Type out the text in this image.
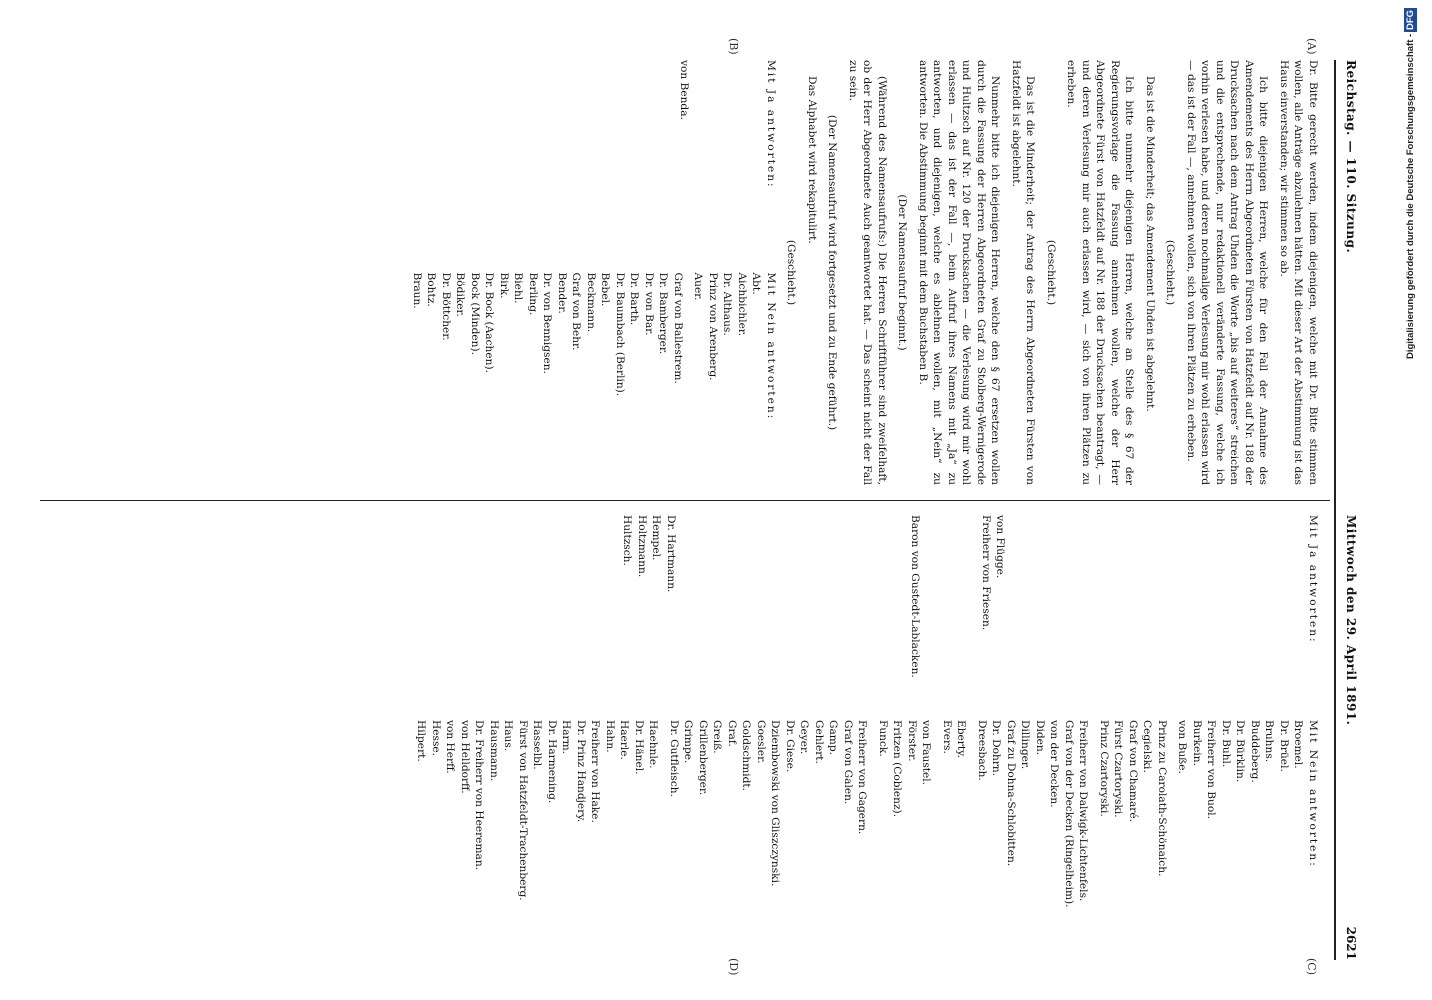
Reichstag. — 110. Sitzung.
Mittwoch den 29. April 1891.
2621
(A)
(B)
(C)
(D)

Dr. Bitte gerecht werden, indem diejenigen, welche mit Dr. Bitte stimmen wollen, alle Anträge abzulehnen hätten. Mit dieser Art der Abstimmung ist das Haus einverstanden; wir stimmen so ab.

Ich bitte diejenigen Herren, welche für den Fall der Annahme des Amendements des Herrn Abgeordneten Fürsten von Hatzfeldt auf Nr. 188 der Drucksachen nach dem Antrag Uhden die Worte „bis auf weiteres“ streichen und die entsprechende, nur redaktionell veränderte Fassung, welche ich vorhin verlesen habe, und deren nochmalige Verlesung mir wohl erlassen wird — das ist der Fall —, annehmen wollen, sich von ihren Plätzen zu erheben.

(Geschieht.)

Das ist die Minderheit; das Amendement Uhden ist abgelehnt.

Ich bitte nunmehr diejenigen Herren, welche an Stelle des § 67 der Regierungsvorlage die Fassung annehmen wollen, welche der Herr Abgeordnete Fürst von Hatzfeldt auf Nr. 188 der Drucksachen beantragt, — und deren Verlesung mir auch erlassen wird, — sich von ihren Plätzen zu erheben.

(Geschieht.)

Das ist die Minderheit; der Antrag des Herrn Abgeordneten Fürsten von Hatzfeldt ist abgelehnt.

Nunmehr bitte ich diejenigen Herren, welche den § 67 ersetzen wollen durch die Fassung der Herren Abgeordneten Graf zu Stolberg-Wernigerode und Hultzsch auf Nr. 120 der Drucksachen — die Verlesung wird mir wohl erlassen — das ist der Fall —, beim Aufruf ihres Namens mit „Ja“ zu antworten, und diejenigen, welche es ablehnen wollen, mit „Nein“ zu antworten. Die Abstimmung beginnt mit dem Buchstaben B.

(Der Namensaufruf beginnt.)

(Während des Namensaufrufs:) Die Herren Schriftführer sind zweifelhaft, ob der Herr Abgeordnete Auch geantwortet hat. — Das scheint nicht der Fall zu sein.

(Der Namensaufruf wird fortgesetzt und zu Ende geführt.)

Das Alphabet wird rekapitulirt.

(Geschieht.)

Mit Ja antworten:
von Benda.
Mit Nein antworten:
Abt.
Aichbichler.
Dr. Althaus.
Prinz von Arenberg.
Auer.
Graf von Ballestrem.
Dr. Bamberger.
Dr. von Bar.
Dr. Barth.
Dr. Baumbach (Berlin).
Bebel.
Beckmann.
Graf von Behr.
Bender.
Dr. von Bennigsen.
Berling.
Biehl.
Birk.
Dr. Bock (Aachen).
Bock (Minden).
Bödiker.
Dr. Böttcher.
Bohtz.
Braun.
Mit Ja antworten:
von Flügge.
Freiherr von Friesen.
Baron von Gustedt-Lablacken.
Dr. Hartmann.
Hempel.
Holtzmann.
Hultzsch.
Mit Nein antworten:
Broemel.
Dr. Brüel.
Bruhns.
Buddeberg.
Dr. Bürklin.
Dr. Buhl.
Freiherr von Buol.
Burkein.
von Buße.
Prinz zu Carolath-Schönaich.
Cegielski.
Graf von Chamaré.
Fürst Czartoryski.
Prinz Czartoryski.
Freiherr von Dalwigk-Lichtenfels.
Graf von der Decken (Ringelheim).
von der Decken.
Diden.
Dillinger.
Graf zu Dohna-Schlobitten.
Dr. Dohrn.
Dreesbach.
Eberty.
Evers.
von Faustel.
Förster.
Fritzen (Coblenz).
Funck.
Freiherr von Gagern.
Graf von Galen.
Gamp.
Gehlert.
Geyer.
Dr. Giese.
Dziembowski von Gliszczynski.
Goesler.
Goldschmidt.
Graf.
Greiß.
Grillenberger.
Grimpe.
Dr. Gutfleisch.
Haehnle.
Dr. Hänel.
Haerle.
Hahn.
Freiherr von Hake.
Dr. Prinz Handjery.
Harm.
Dr. Harmening.
Hasselbl.
Fürst von Hatzfeldt-Trachenberg.
Haus.
Hausmann.
Dr. Freiherr von Heereman.
von Helldorff.
von Herff.
Hesse.
Hilpert.
Digitalisierung gefördert durch die Deutsche Forschungsgemeinschaft -
DFG
